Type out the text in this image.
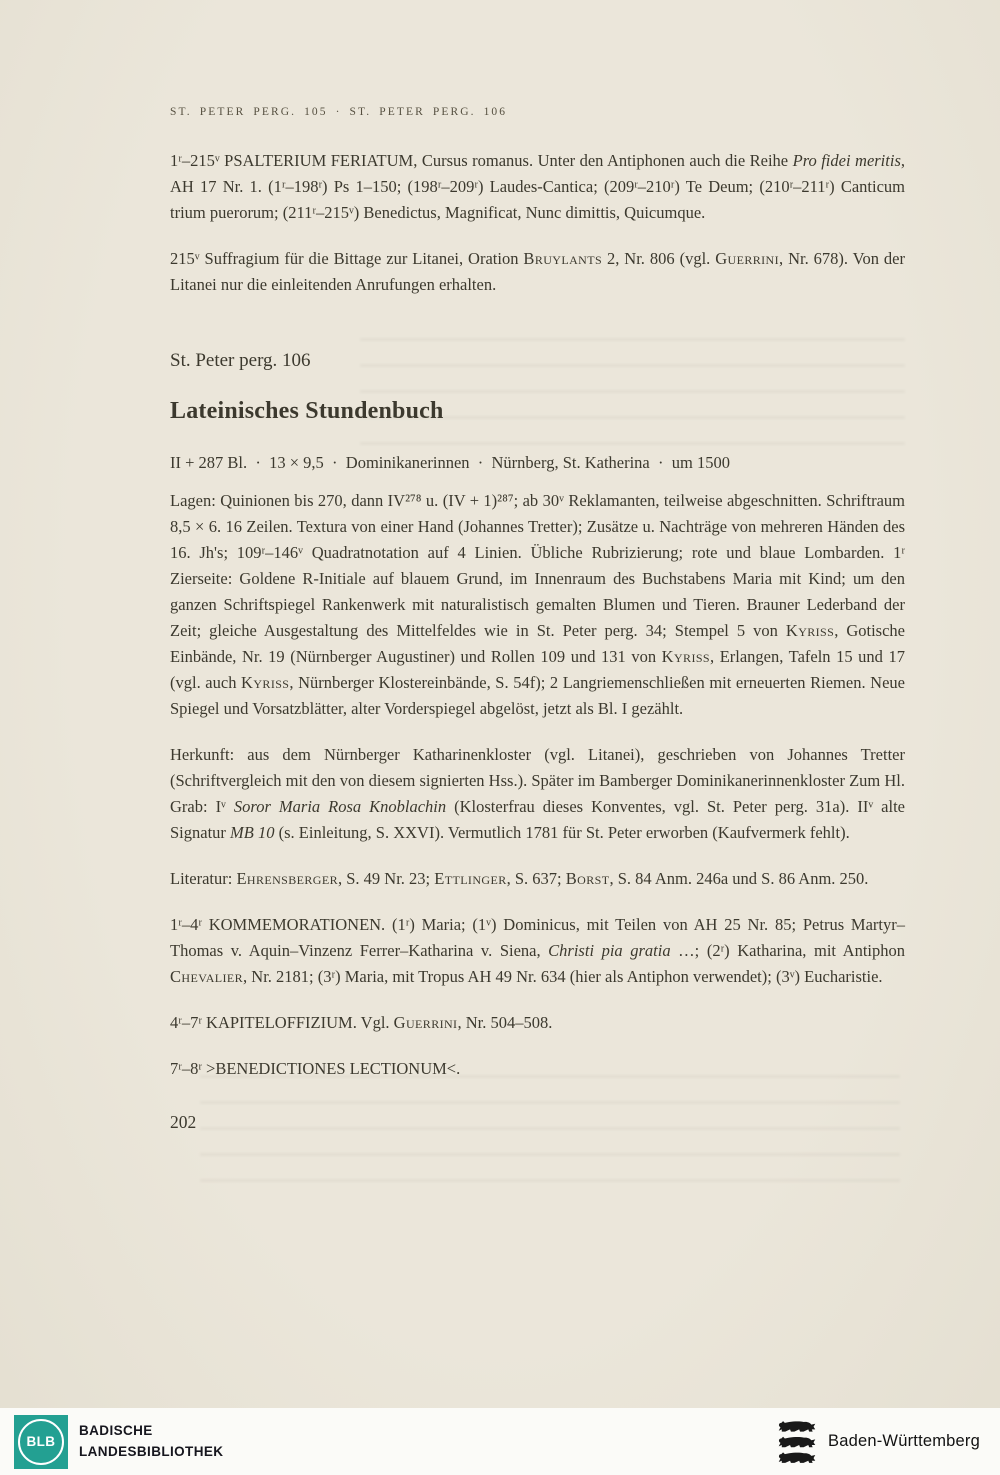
ST. PETER PERG. 105 · ST. PETER PERG. 106

1ʳ–215ᵛ PSALTERIUM FERIATUM, Cursus romanus. Unter den Antiphonen auch die Reihe Pro fidei meritis, AH 17 Nr. 1. (1ʳ–198ʳ) Ps 1–150; (198ʳ–209ʳ) Laudes-Cantica; (209ʳ–210ʳ) Te Deum; (210ʳ–211ʳ) Canticum trium puerorum; (211ʳ–215ᵛ) Benedictus, Magnificat, Nunc dimittis, Quicumque.

215ᵛ Suffragium für die Bittage zur Litanei, Oration Bruylants 2, Nr. 806 (vgl. Guerrini, Nr. 678). Von der Litanei nur die einleitenden Anrufungen erhalten.

St. Peter perg. 106
Lateinisches Stundenbuch

II + 287 Bl. · 13 × 9,5 · Dominikanerinnen · Nürnberg, St. Katherina · um 1500

Lagen: Quinionen bis 270, dann IV²⁷⁸ u. (IV + 1)²⁸⁷; ab 30ᵛ Reklamanten, teilweise abgeschnitten. Schriftraum 8,5 × 6. 16 Zeilen. Textura von einer Hand (Johannes Tretter); Zusätze u. Nachträge von mehreren Händen des 16. Jh's; 109ʳ–146ᵛ Quadratnotation auf 4 Linien. Übliche Rubrizierung; rote und blaue Lombarden. 1ʳ Zierseite: Goldene R-Initiale auf blauem Grund, im Innenraum des Buchstabens Maria mit Kind; um den ganzen Schriftspiegel Rankenwerk mit naturalistisch gemalten Blumen und Tieren. Brauner Lederband der Zeit; gleiche Ausgestaltung des Mittelfeldes wie in St. Peter perg. 34; Stempel 5 von Kyriss, Gotische Einbände, Nr. 19 (Nürnberger Augustiner) und Rollen 109 und 131 von Kyriss, Erlangen, Tafeln 15 und 17 (vgl. auch Kyriss, Nürnberger Klostereinbände, S. 54f); 2 Langriemenschließen mit erneuerten Riemen. Neue Spiegel und Vorsatzblätter, alter Vorderspiegel abgelöst, jetzt als Bl. I gezählt.

Herkunft: aus dem Nürnberger Katharinenkloster (vgl. Litanei), geschrieben von Johannes Tretter (Schriftvergleich mit den von diesem signierten Hss.). Später im Bamberger Dominikanerinnenkloster Zum Hl. Grab: Iᵛ Soror Maria Rosa Knoblachin (Klosterfrau dieses Konventes, vgl. St. Peter perg. 31a). IIᵛ alte Signatur MB 10 (s. Einleitung, S. XXVI). Vermutlich 1781 für St. Peter erworben (Kaufvermerk fehlt).

Literatur: Ehrensberger, S. 49 Nr. 23; Ettlinger, S. 637; Borst, S. 84 Anm. 246a und S. 86 Anm. 250.

1ʳ–4ʳ KOMMEMORATIONEN. (1ʳ) Maria; (1ᵛ) Dominicus, mit Teilen von AH 25 Nr. 85; Petrus Martyr–Thomas v. Aquin–Vinzenz Ferrer–Katharina v. Siena, Christi pia gratia …; (2ʳ) Katharina, mit Antiphon Chevalier, Nr. 2181; (3ʳ) Maria, mit Tropus AH 49 Nr. 634 (hier als Antiphon verwendet); (3ᵛ) Eucharistie.

4ʳ–7ʳ KAPITELOFFIZIUM. Vgl. Guerrini, Nr. 504–508.

7ʳ–8ʳ >BENEDICTIONES LECTIONUM<.

202
BLB
BADISCHE
LANDESBIBLIOTHEK
Baden-Württemberg
